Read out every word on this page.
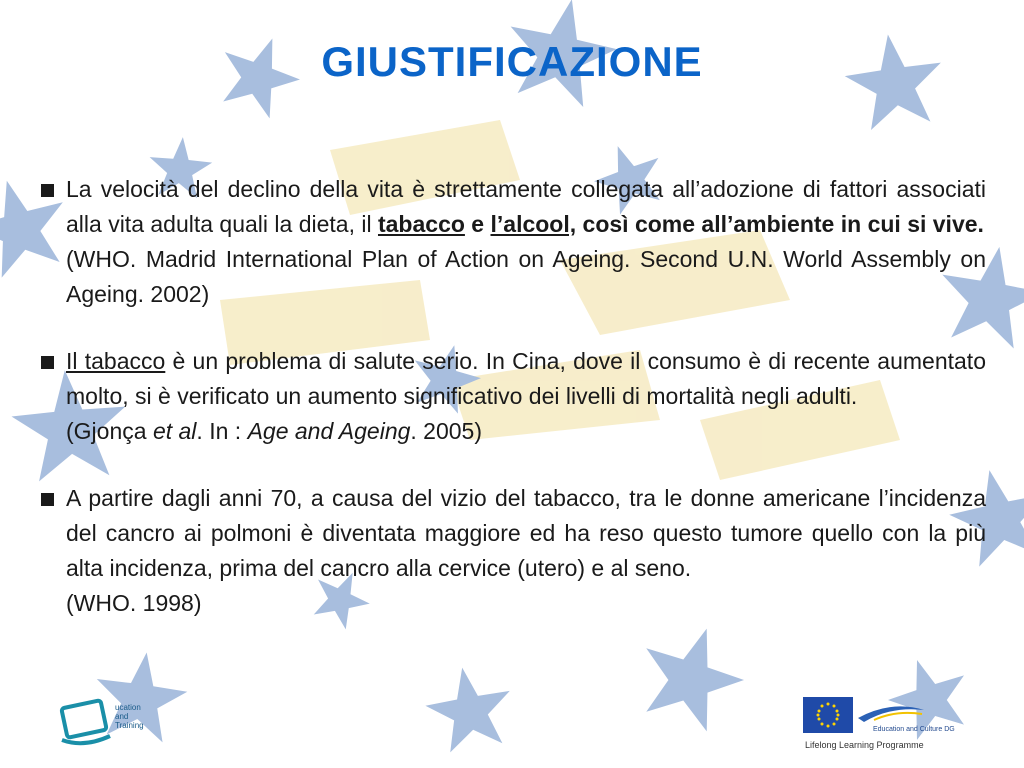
GIUSTIFICAZIONE
La velocità del declino della vita è strettamente collegata all’adozione di fattori associati alla vita adulta quali la dieta, il tabacco e l’alcool, così come all’ambiente in cui si vive.
(WHO. Madrid International Plan of Action on Ageing. Second U.N. World Assembly on Ageing. 2002)
Il tabacco è un problema di salute serio. In Cina, dove il consumo è di recente aumentato molto, si è verificato un aumento significativo dei livelli di mortalità negli adulti.
(Gjonça et al. In : Age and Ageing. 2005)
A partire dagli anni 70, a causa del vizio del tabacco, tra le donne americane l’incidenza del cancro ai polmoni è diventata maggiore ed ha reso questo tumore quello con la più alta incidenza, prima del cancro alla cervice (utero) e al seno.
(WHO. 1998)
ucation
and
Training	Education and Culture DG
Lifelong Learning Programme
